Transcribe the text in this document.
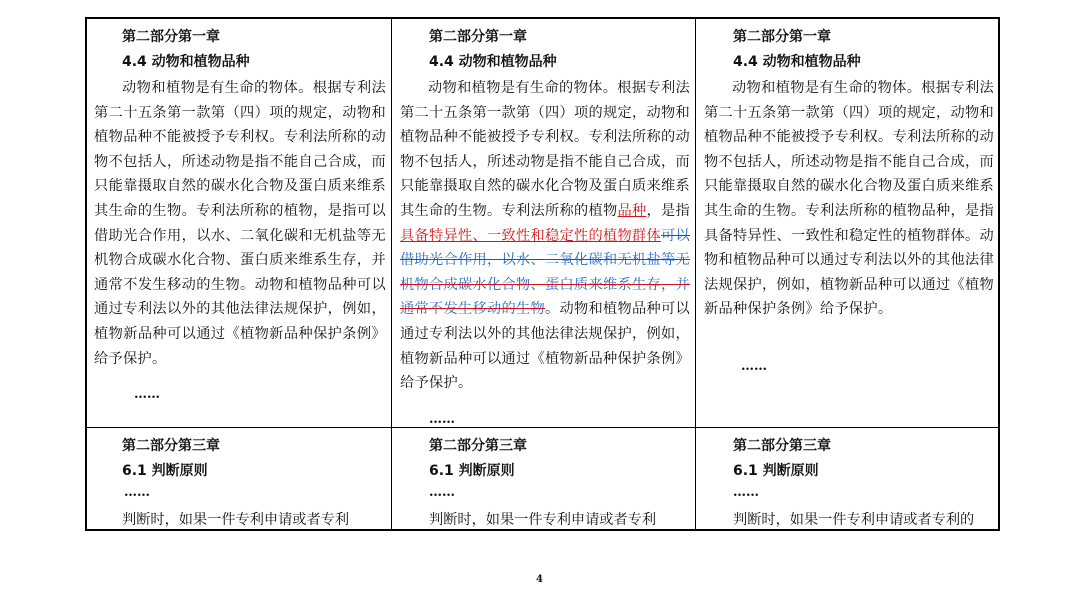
第二部分第一章
4.4 动物和植物品种
动物和植物是有生命的物体。根据专利法第二十五条第一款第（四）项的规定，动物和植物品种不能被授予专利权。专利法所称的动物不包括人，所述动物是指不能自己合成，而只能靠摄取自然的碳水化合物及蛋白质来维系其生命的生物。专利法所称的植物，是指可以借助光合作用，以水、二氧化碳和无机盐等无机物合成碳水化合物、蛋白质来维系生存，并通常不发生移动的生物。动物和植物品种可以通过专利法以外的其他法律法规保护，例如，植物新品种可以通过《植物新品种保护条例》给予保护。
……
第二部分第一章
4.4 动物和植物品种
动物和植物是有生命的物体。根据专利法第二十五条第一款第（四）项的规定，动物和植物品种不能被授予专利权。专利法所称的动物不包括人，所述动物是指不能自己合成，而只能靠摄取自然的碳水化合物及蛋白质来维系其生命的生物。专利法所称的植物品种，是指具备特异性、一致性和稳定性的植物群体可以借助光合作用，以水、二氧化碳和无机盐等无机物合成碳水化合物、蛋白质来维系生存，并通常不发生移动的生物。动物和植物品种可以通过专利法以外的其他法律法规保护，例如，植物新品种可以通过《植物新品种保护条例》给予保护。
……
第二部分第一章
4.4 动物和植物品种
动物和植物是有生命的物体。根据专利法第二十五条第一款第（四）项的规定，动物和植物品种不能被授予专利权。专利法所称的动物不包括人，所述动物是指不能自己合成，而只能靠摄取自然的碳水化合物及蛋白质来维系其生命的生物。专利法所称的植物品种，是指具备特异性、一致性和稳定性的植物群体。动物和植物品种可以通过专利法以外的其他法律法规保护，例如，植物新品种可以通过《植物新品种保护条例》给予保护。
……
第二部分第三章
6.1 判断原则
……
判断时，如果一件专利申请或者专利
第二部分第三章
6.1 判断原则
……
判断时，如果一件专利申请或者专利
第二部分第三章
6.1 判断原则
……
判断时，如果一件专利申请或者专利的
4
